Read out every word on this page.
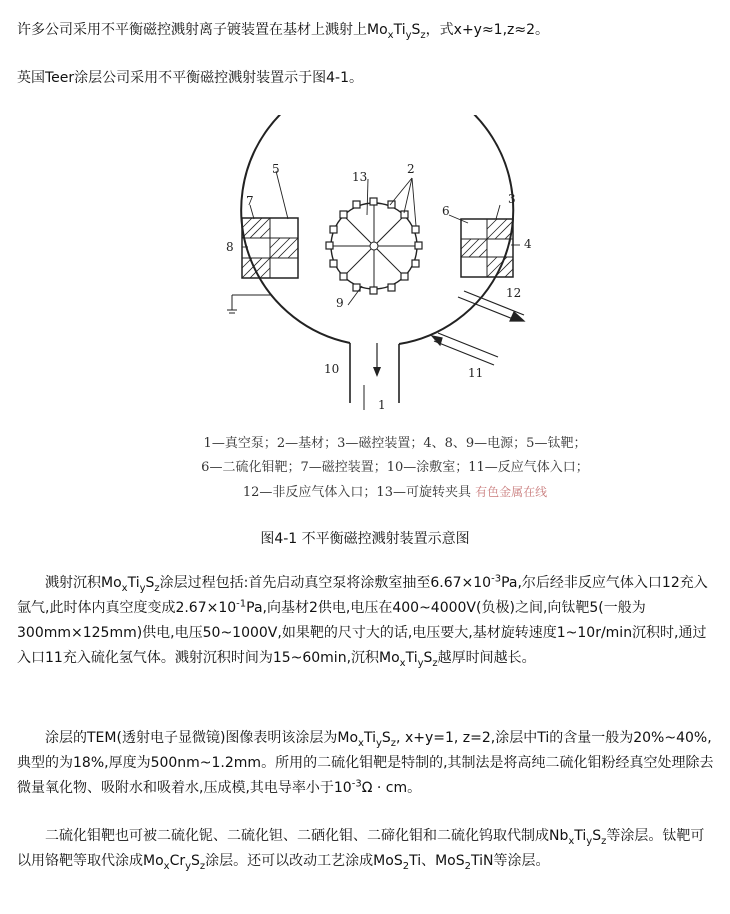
许多公司采用不平衡磁控溅射离子镀装置在基材上溅射上$Mo_xTi_yS_z$，式x+y≈1,z≈2。

英国Teer涂层公司采用不平衡磁控溅射装置示于图4-1。

1
2
3
4
5
6
7
8
9
10	11
12
13
1—真空泵；2—基材；3—磁控装置；4、8、9—电源；5—钛靶；
6—二硫化钼靶；7—磁控装置；10—涂敷室；11—反应气体入口；
12—非反应气体入口；13—可旋转夹具 有色金属在线
图4-1 不平衡磁控溅射装置示意图

溅射沉积$Mo_xTi_yS_z$涂层过程包括:首先启动真空泵将涂敷室抽至$6.67\times 10^{-3}Pa$,尔后经非反应气体入口12充入氩气,此时体内真空度变成$2.67\times 10^{-1}Pa$,向基材2供电,电压在400~4000V(负极)之间,向钛靶5(一般为300mm×125mm)供电,电压50~1000V,如果靶的尺寸大的话,电压要大,基材旋转速度1~10r/min沉积时,通过入口11充入硫化氢气体。溅射沉积时间为15~60min,沉积$Mo_xTi_yS_z$越厚时间越长。

涂层的TEM(透射电子显微镜)图像表明该涂层为$Mo_xTi_yS_z$, x+y=1, z=2,涂层中Ti的含量一般为20%~40%,典型的为18%,厚度为500nm~1.2mm。所用的二硫化钼靶是特制的,其制法是将高纯二硫化钼粉经真空处理除去微量氧化物、吸附水和吸着水,压成模,其电导率小于$10^{-3}\Omega$ · cm。

二硫化钼靶也可被二硫化铌、二硫化钽、二硒化钼、二碲化钼和二硫化钨取代制成$Nb_xTi_yS_z$等涂层。钛靶可以用铬靶等取代涂成$Mo_xCr_yS_z$涂层。还可以改动工艺涂成MoS$_2$Ti、MoS$_2$TiN等涂层。
